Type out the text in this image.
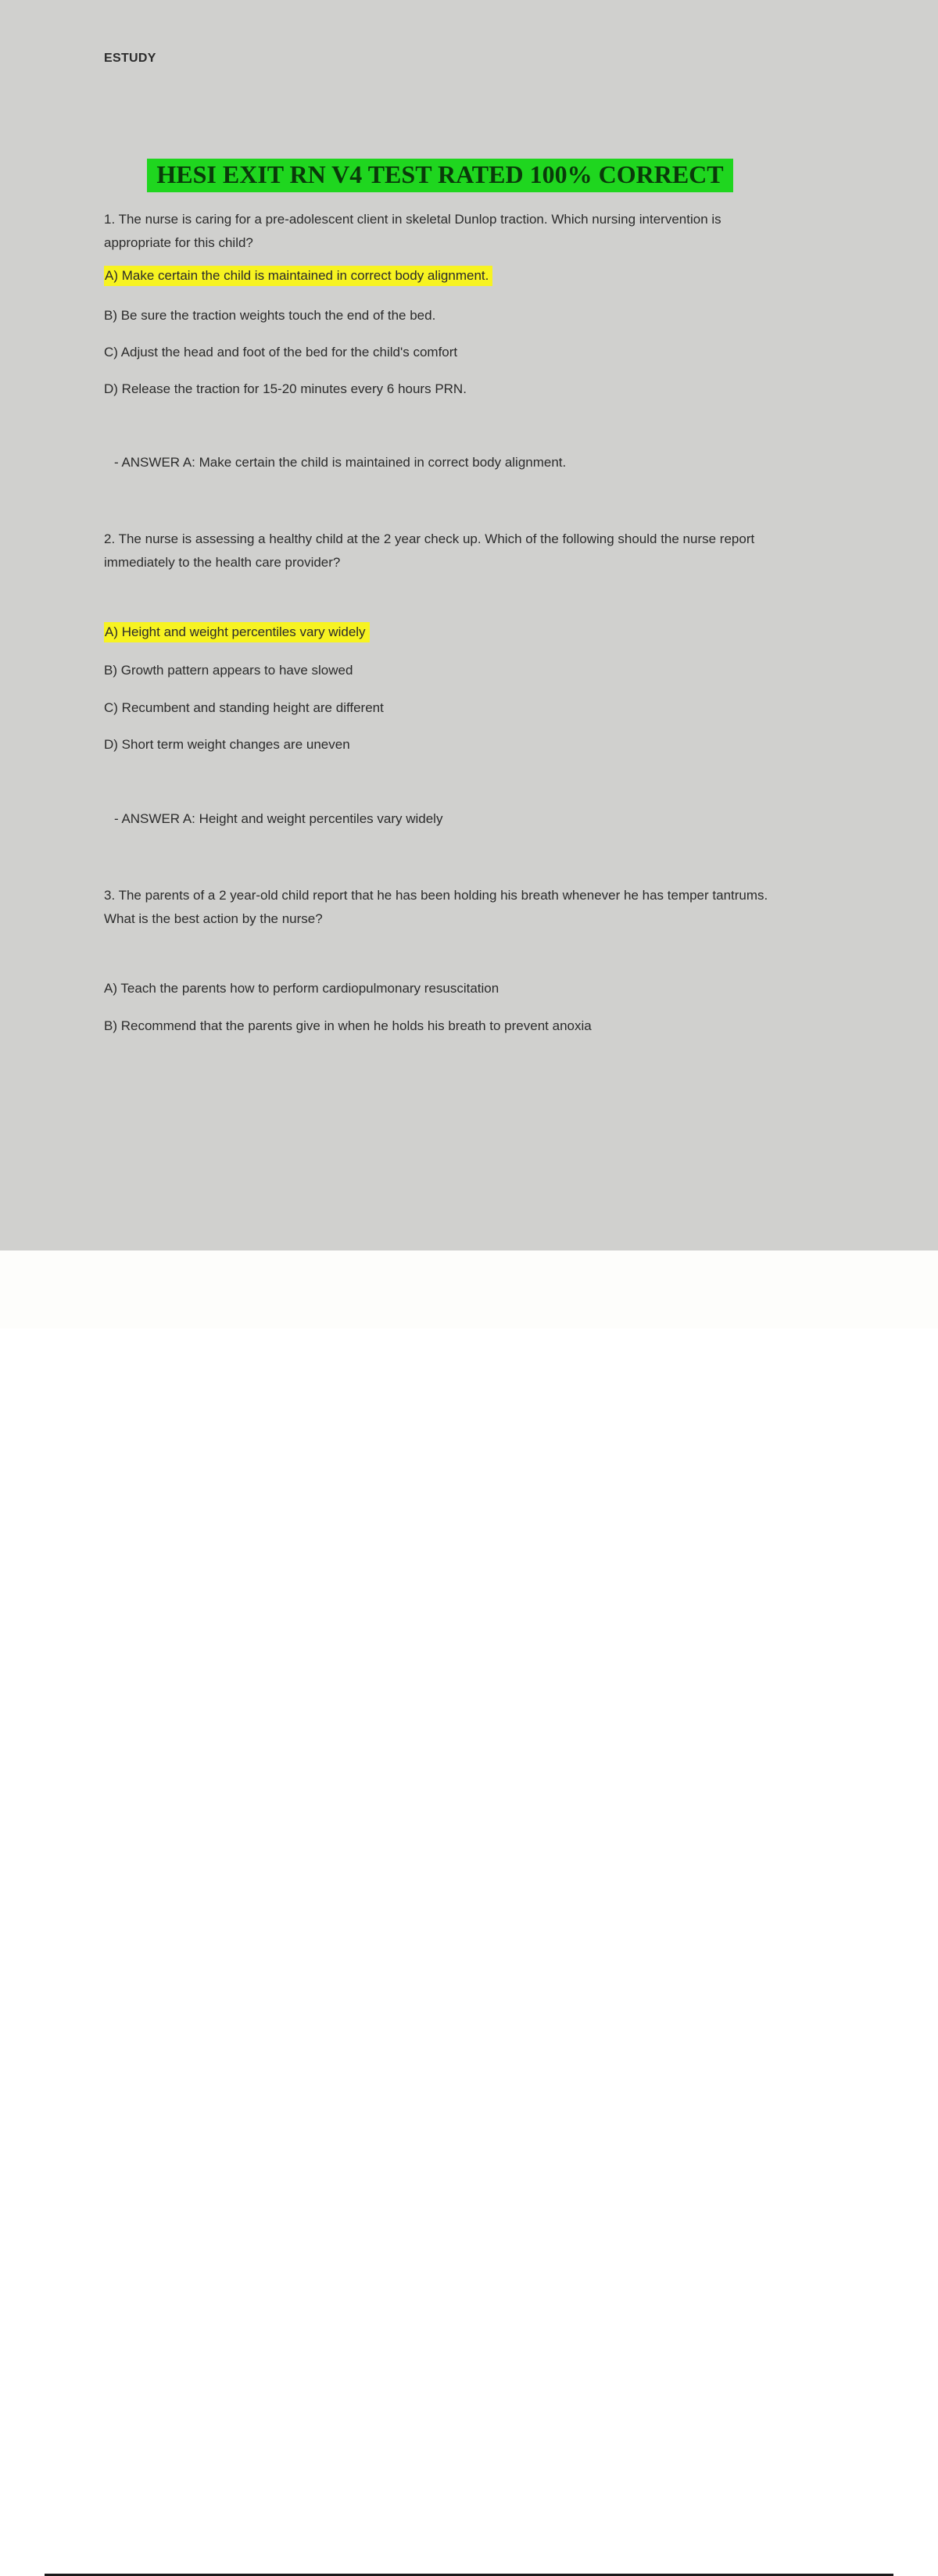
ESTUDY
HESI EXIT RN V4 TEST RATED 100% CORRECT
1. The nurse is caring for a pre-adolescent client in skeletal Dunlop traction. Which nursing intervention is appropriate for this child?
A) Make certain the child is maintained in correct body alignment.
B) Be sure the traction weights touch the end of the bed.
C) Adjust the head and foot of the bed for the child's comfort
D) Release the traction for 15-20 minutes every 6 hours PRN.
- ANSWER A: Make certain the child is maintained in correct body alignment.
2. The nurse is assessing a healthy child at the 2 year check up. Which of the following should the nurse report immediately to the health care provider?
A) Height and weight percentiles vary widely
B) Growth pattern appears to have slowed
C) Recumbent and standing height are different
D) Short term weight changes are uneven
- ANSWER A: Height and weight percentiles vary widely
3. The parents of a 2 year-old child report that he has been holding his breath whenever he has temper tantrums. What is the best action by the nurse?
A) Teach the parents how to perform cardiopulmonary resuscitation
B) Recommend that the parents give in when he holds his breath to prevent anoxia
